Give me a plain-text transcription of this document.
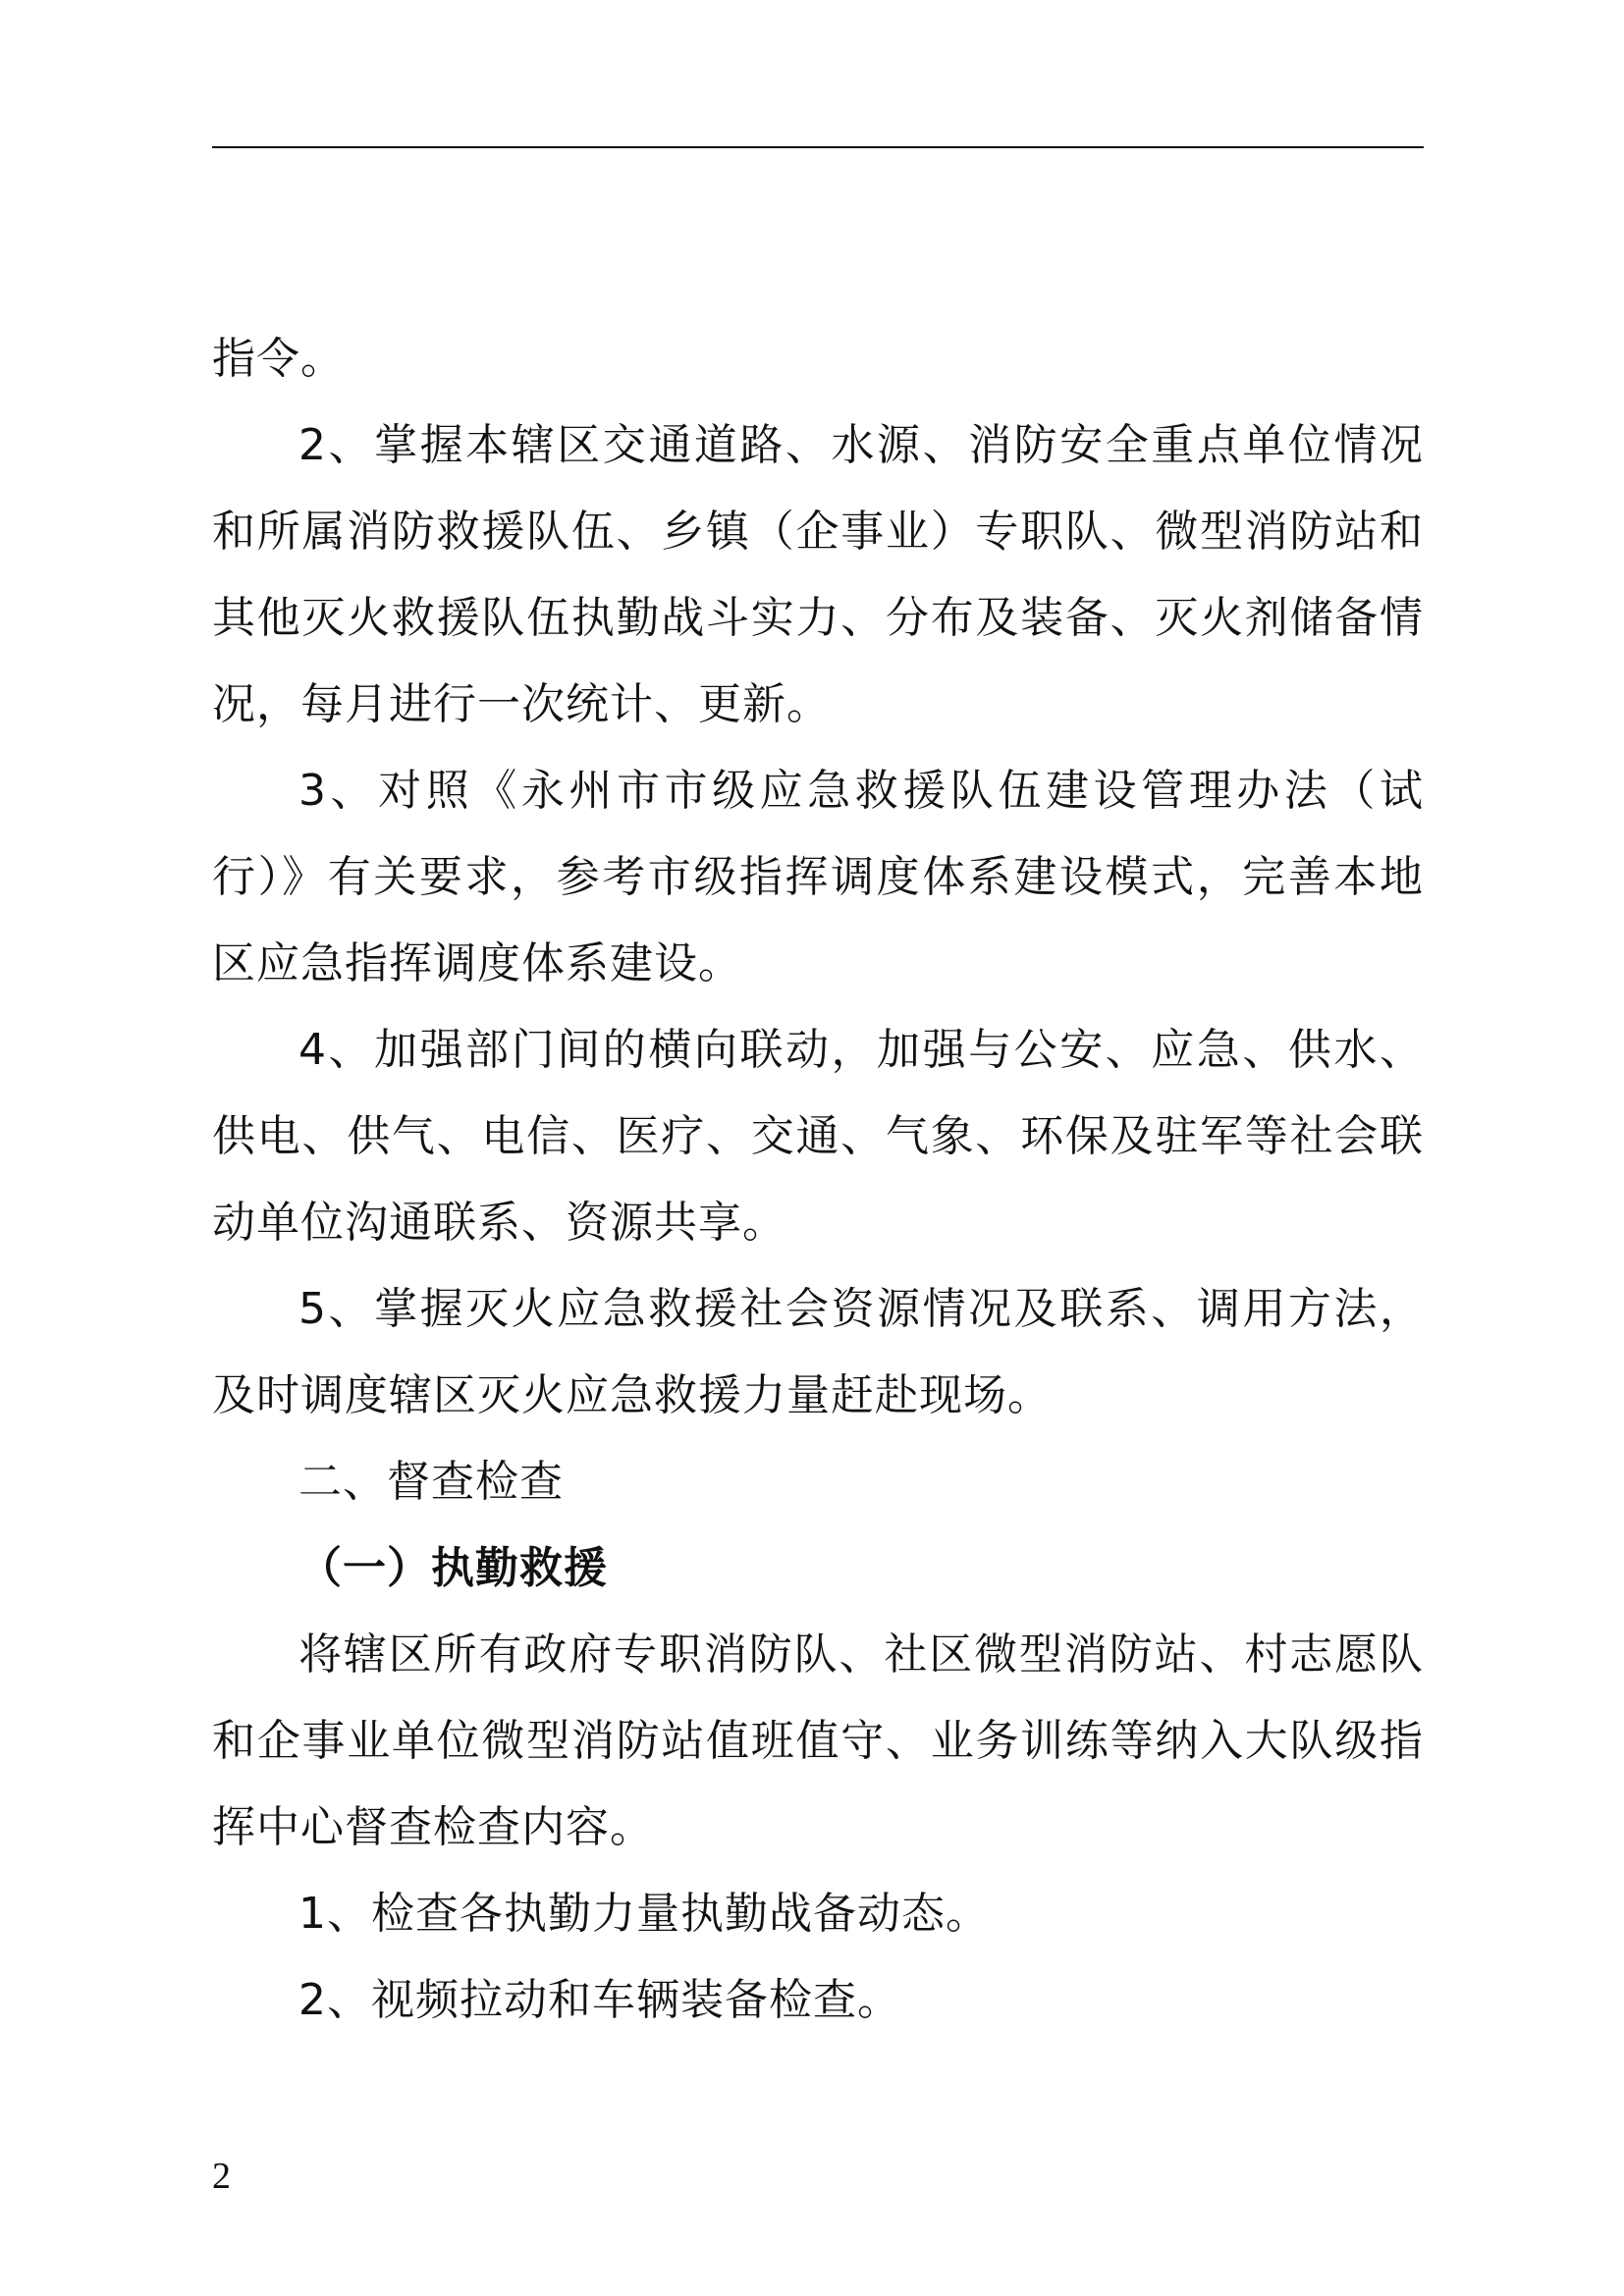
指令。

2、掌握本辖区交通道路、水源、消防安全重点单位情况和所属消防救援队伍、乡镇（企事业）专职队、微型消防站和其他灭火救援队伍执勤战斗实力、分布及装备、灭火剂储备情况，每月进行一次统计、更新。

3、对照《永州市市级应急救援队伍建设管理办法（试行）》有关要求，参考市级指挥调度体系建设模式，完善本地区应急指挥调度体系建设。

4、加强部门间的横向联动，加强与公安、应急、供水、供电、供气、电信、医疗、交通、气象、环保及驻军等社会联动单位沟通联系、资源共享。

5、掌握灭火应急救援社会资源情况及联系、调用方法，及时调度辖区灭火应急救援力量赶赴现场。

二、督查检查

（一）执勤救援

将辖区所有政府专职消防队、社区微型消防站、村志愿队和企事业单位微型消防站值班值守、业务训练等纳入大队级指挥中心督查检查内容。

1、检查各执勤力量执勤战备动态。

2、视频拉动和车辆装备检查。

2
